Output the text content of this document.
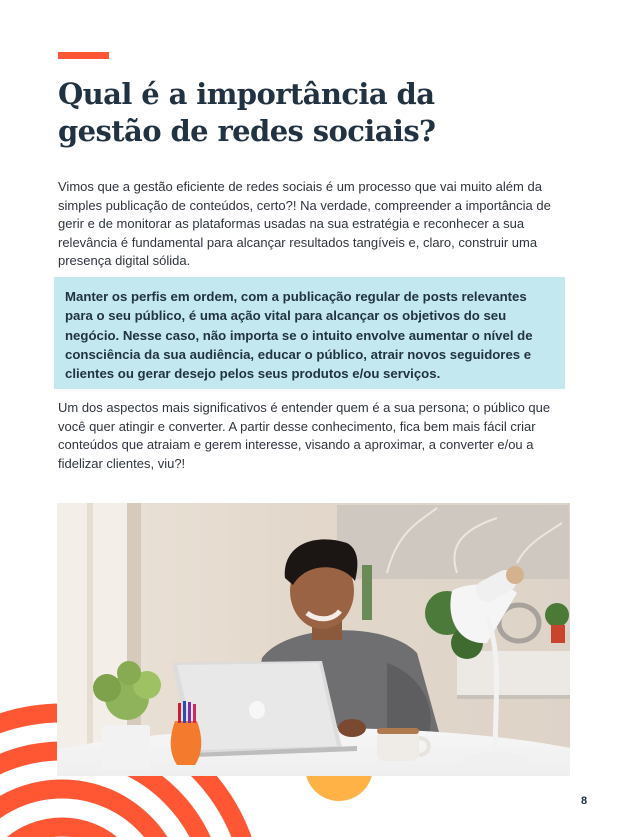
Qual é a importância da gestão de redes sociais?

Vimos que a gestão eficiente de redes sociais é um processo que vai muito além da simples publicação de conteúdos, certo?! Na verdade, compreender a importância de gerir e de monitorar as plataformas usadas na sua estratégia e reconhecer a sua relevância é fundamental para alcançar resultados tangíveis e, claro, construir uma presença digital sólida.

Manter os perfis em ordem, com a publicação regular de posts relevantes para o seu público, é uma ação vital para alcançar os objetivos do seu negócio. Nesse caso, não importa se o intuito envolve aumentar o nível de consciência da sua audiência, educar o público, atrair novos seguidores e clientes ou gerar desejo pelos seus produtos e/ou serviços.

Um dos aspectos mais significativos é entender quem é a sua persona; o público que você quer atingir e converter. A partir desse conhecimento, fica bem mais fácil criar conteúdos que atraiam e gerem interesse, visando a aproximar, a converter e/ou a fidelizar clientes, viu?!

8
